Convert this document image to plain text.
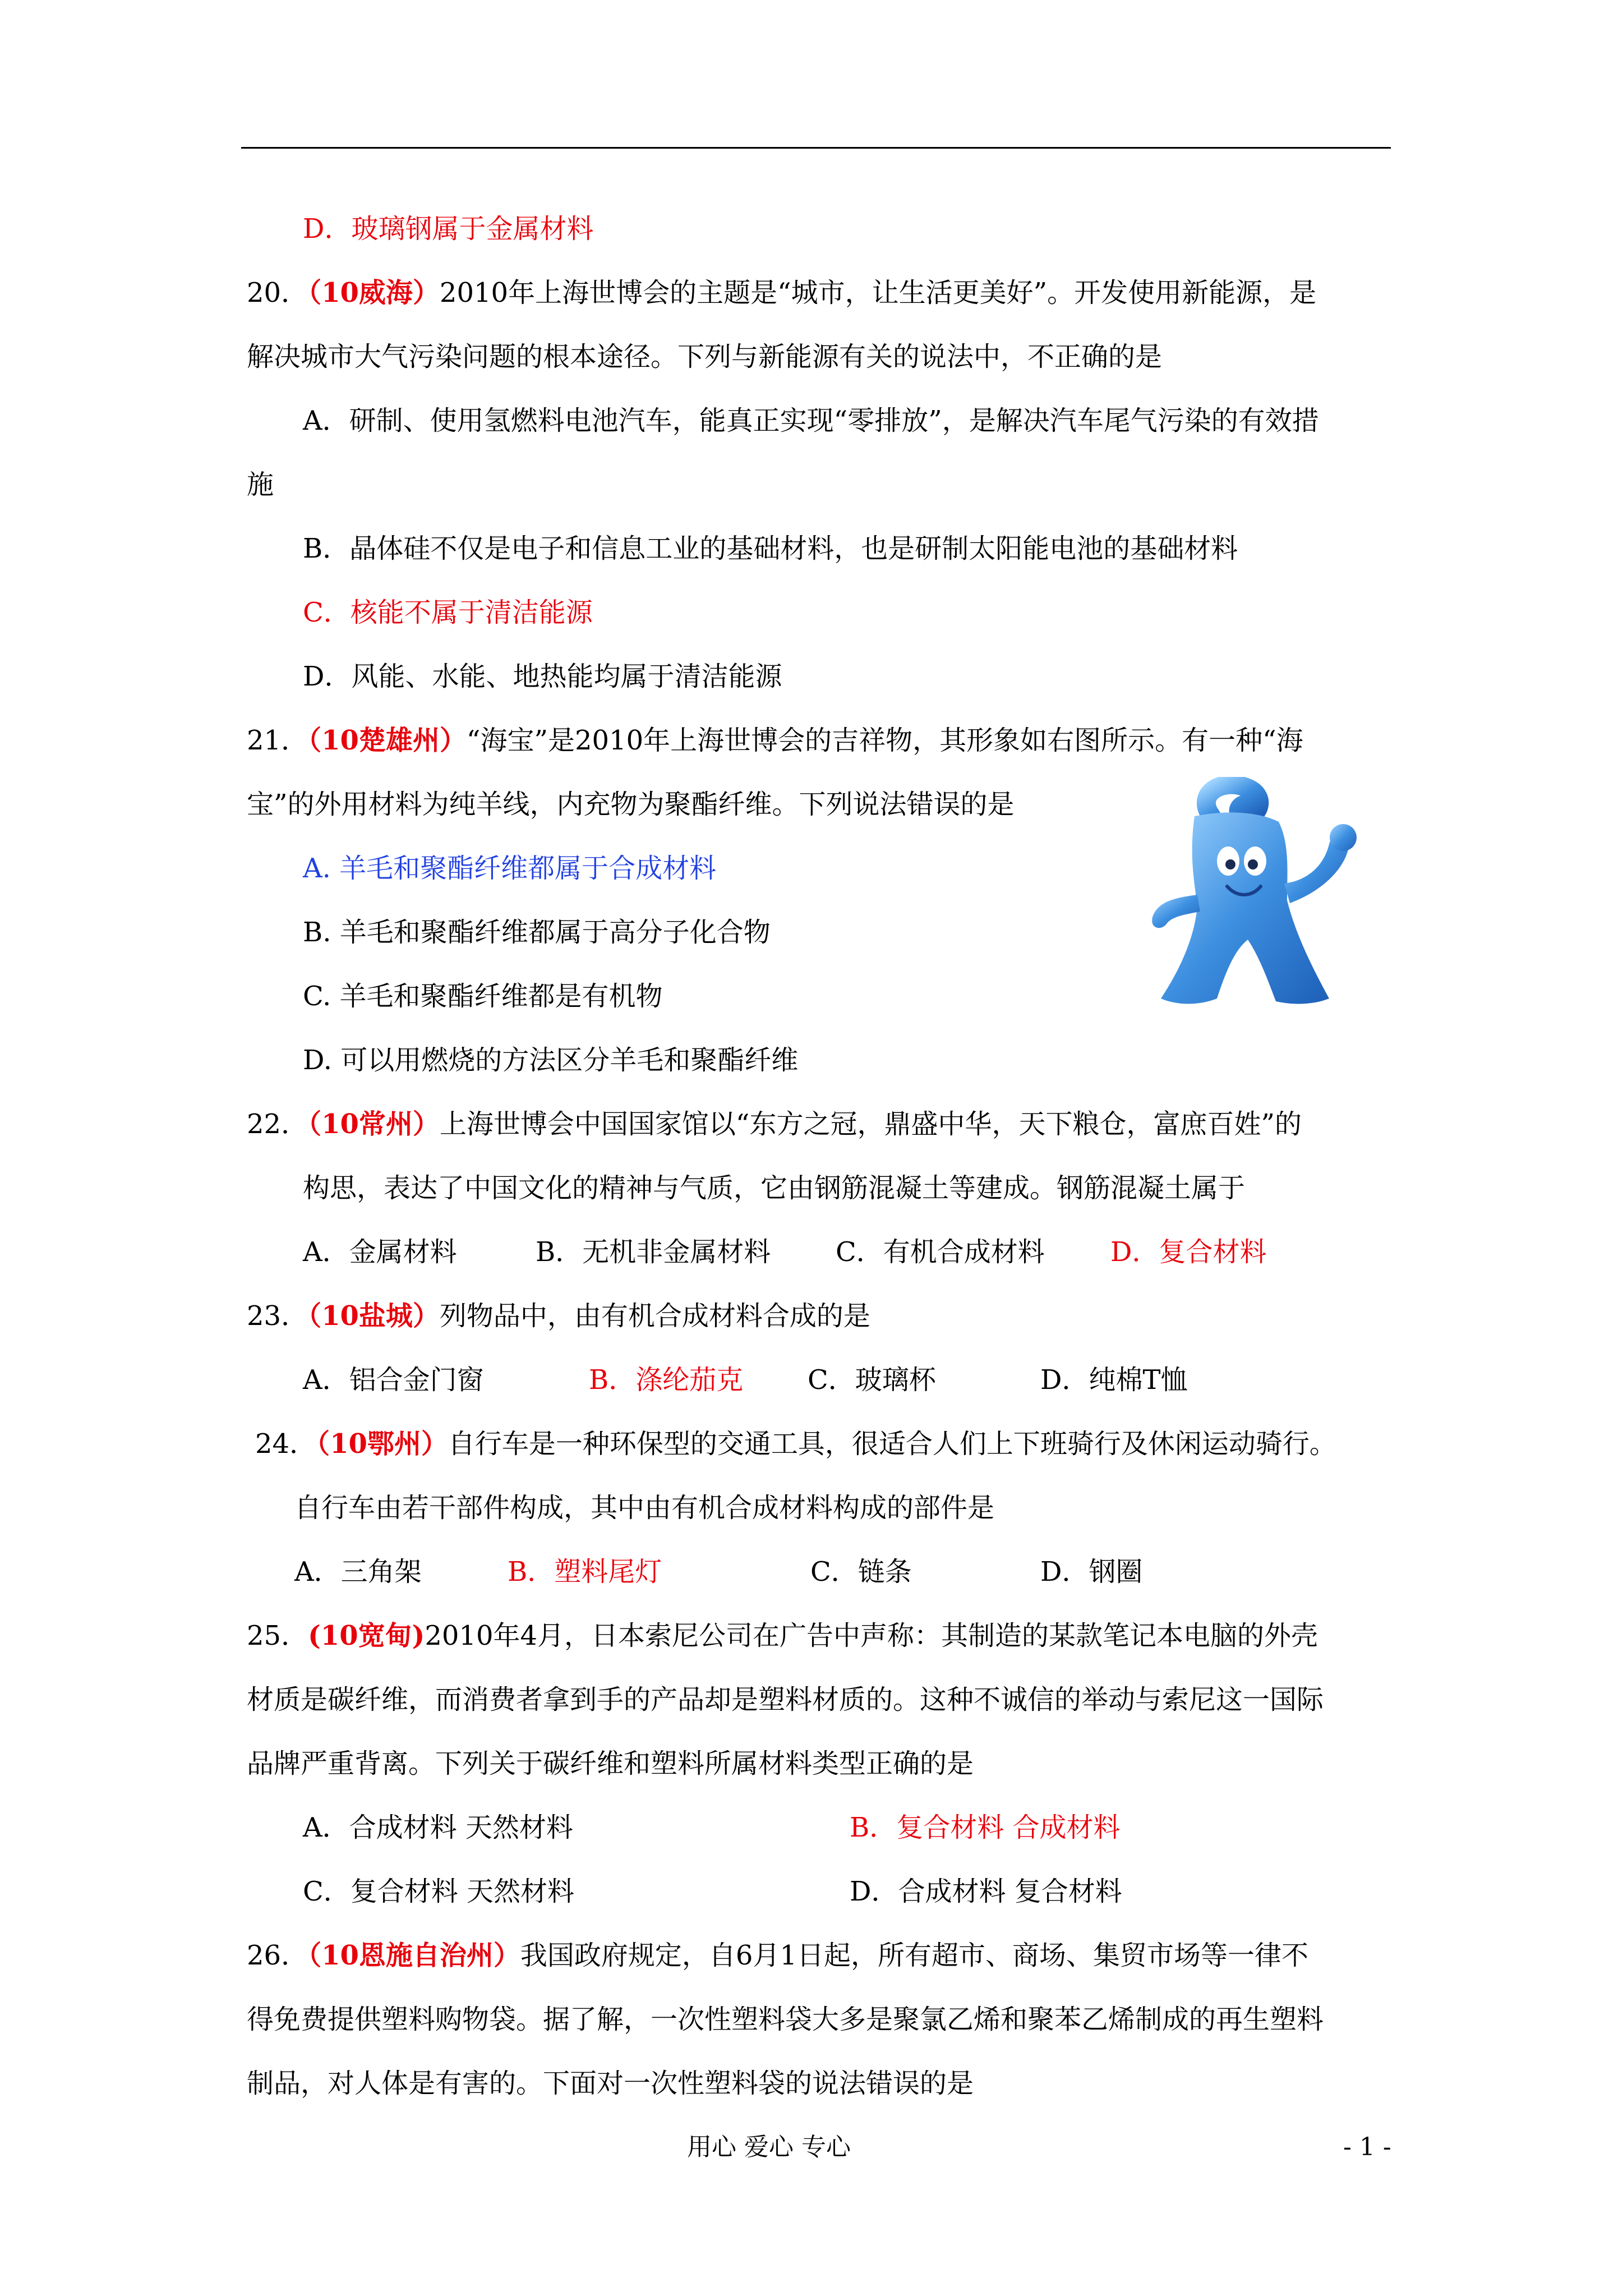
D．玻璃钢属于金属材料
20．（10威海）2010年上海世博会的主题是“城市，让生活更美好”。开发使用新能源，是
解决城市大气污染问题的根本途径。下列与新能源有关的说法中，不正确的是
A．研制、使用氢燃料电池汽车，能真正实现“零排放”，是解决汽车尾气污染的有效措
施
B．晶体硅不仅是电子和信息工业的基础材料，也是研制太阳能电池的基础材料
C．核能不属于清洁能源
D．风能、水能、地热能均属于清洁能源
21．（10楚雄州）“海宝”是2010年上海世博会的吉祥物，其形象如右图所示。有一种“海
宝”的外用材料为纯羊线，内充物为聚酯纤维。下列说法错误的是
A. 羊毛和聚酯纤维都属于合成材料
B. 羊毛和聚酯纤维都属于高分子化合物
C. 羊毛和聚酯纤维都是有机物
D. 可以用燃烧的方法区分羊毛和聚酯纤维
22．（10常州）上海世博会中国国家馆以“东方之冠，鼎盛中华，天下粮仓，富庶百姓”的
构思，表达了中国文化的精神与气质，它由钢筋混凝土等建成。钢筋混凝土属于
A．金属材料	B．无机非金属材料 C．有机合成材料 D．复合材料
23．（10盐城）列物品中，由有机合成材料合成的是
A．铝合金门窗	B．涤纶茄克 C．玻璃杯	D．纯棉T恤
24．（10鄂州）自行车是一种环保型的交通工具，很适合人们上下班骑行及休闲运动骑行。
自行车由若干部件构成，其中由有机合成材料构成的部件是
A．三角架	B．塑料尾灯	C．链条	D．钢圈
25．(10宽甸)2010年4月，日本索尼公司在广告中声称：其制造的某款笔记本电脑的外壳
材质是碳纤维，而消费者拿到手的产品却是塑料材质的。这种不诚信的举动与索尼这一国际
品牌严重背离。下列关于碳纤维和塑料所属材料类型正确的是
A．合成材料 天然材料	B．复合材料 合成材料
C．复合材料 天然材料	D．合成材料 复合材料
26．（10恩施自治州）我国政府规定，自6月1日起，所有超市、商场、集贸市场等一律不
得免费提供塑料购物袋。据了解，一次性塑料袋大多是聚氯乙烯和聚苯乙烯制成的再生塑料
制品，对人体是有害的。下面对一次性塑料袋的说法错误的是
用心 爱心 专心	- 1 -
